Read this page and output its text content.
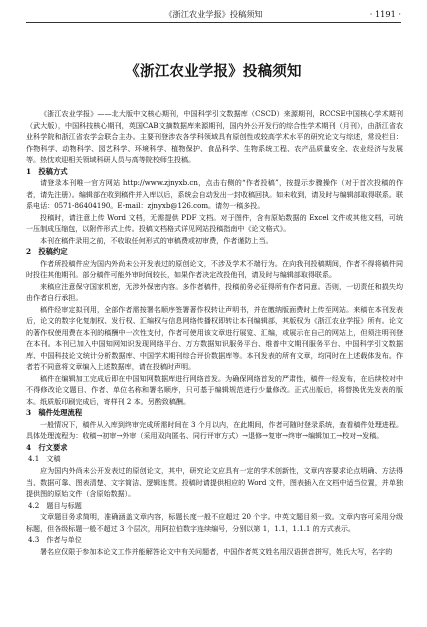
《浙江农业学报》投稿须知	· 1191 ·
《浙江农业学报》投稿须知

《浙江农业学报》——北大版中文核心期刊，中国科学引文数据库（CSCD）来源期刊，RCCSE中国核心学术期刊（武大版），中国科技核心期刊，英国CAB文摘数据库来源期刊，国内外公开发行的综合性学术期刊（月刊），由浙江省农业科学院和浙江省农学会联合主办。主要刊登涉农各学科领域具有原创性或较高学术水平的研究论文与综述，常设栏目：作物科学、动物科学、园艺科学、环境科学、植物保护、食品科学、生物系统工程、农产品质量安全、农业经济与发展等。热忱欢迎相关领域科研人员与高等院校师生投稿。

1　投稿方式

请登录本刊唯一官方网站 http://www.zjnyxb.cn，点击右侧的“作者投稿”，按提示步骤操作（对于首次投稿的作者，请先注册）。编辑部在收到稿件并入库以后，系统会自动发出一封收稿回执。如未收到，请及时与编辑部取得联系。联系电话：0571-86404190。E-mail：zjnyxb@126.com。请勿一稿多投。

投稿时，请注意上传 Word 文档，无需提供 PDF 文档。对于图件，含有原始数据的 Excel 文件或其他文档，可统一压制成压缩包，以附件形式上传。投稿文档格式详见网站投稿指南中《论文格式》。

本刊在稿件录用之前，不收取任何形式的审稿费或初审费，作者谨防上当。

2　投稿约定

作者所投稿件应为国内外尚未公开发表过的原创论文，不涉及学术不端行为。在向我刊投稿期间，作者不得将稿件同时投往其他期刊。部分稿件可能外审时间较长，如果作者决定改投他刊，请及时与编辑部取得联系。

来稿应注意保守国家机密，无涉外保密内容。多作者稿件，投稿前务必征得所有作者同意。否则，一切责任和损失均由作者自行承担。

稿件经审定拟刊用，全部作者需按署名顺序签署著作权转让声明书，并在缴纳版面费时上传至网站。来稿在本刊发表后，论文的数字化复制权、发行权、汇编权与信息网络传播权即转让本刊编辑部，其版权为《浙江农业学报》所有。论文的著作权使用费在本刊的稿酬中一次性支付，作者可使用该文章进行展览、汇编，或展示在自己的网站上，但须注明刊登在本刊。本刊已加入中国知网知识发现网络平台、万方数据知识服务平台、维普中文期刊服务平台、中国科学引文数据库、中国科技论文统计分析数据库、中国学术期刊综合评价数据库等。本刊发表的所有文章，均同时在上述载体发布。作者若不同意将文章编入上述数据库，请在投稿时声明。

稿件在编辑加工完成后即在中国知网数据库进行网络首发。为确保网络首发的严肃性，稿件一经发布，在后续校对中不得修改论文题目、作者、单位名称和署名顺序，只可基于编辑规范进行少量修改。正式出版后，将替换优先发表的版本。纸质版印刷完成后，寄样刊 2 本。另酌致稿酬。

3　稿件处理流程

一般情况下，稿件从入库到终审完成所需时间在 3 个月以内，在此期间，作者可随时登录系统，查看稿件处理进程。具体处理流程为：收稿→初审→外审（采用双向匿名、同行评审方式）→退修→复审→终审→编辑加工→校对→发稿。

4　行文要求
4.1　文稿

应为国内外尚未公开发表过的原创论文，其中，研究论文应具有一定的学术创新性，文章内容要求论点明确、方法得当、数据可靠、图表清楚、文字简洁、逻辑连贯。投稿时请提供相应的 Word 文件，图表插入在文档中适当位置，并单独提供图的原始文件（含原始数据）。

4.2　题目与标题

文章题目务求简明，准确涵盖文章内容，标题长度一般不应超过 20 个字。中英文题目须一致。文章内容可采用分级标题，但各级标题一般不超过 3 个层次，用阿拉伯数字连续编号，分别以第 1，1.1，1.1.1 的方式表示。

4.3　作者与单位

署名应仅限于参加本论文工作并能解答论文中有关问题者，中国作者英文姓名用汉语拼音拼写，姓氏大写，名字的
